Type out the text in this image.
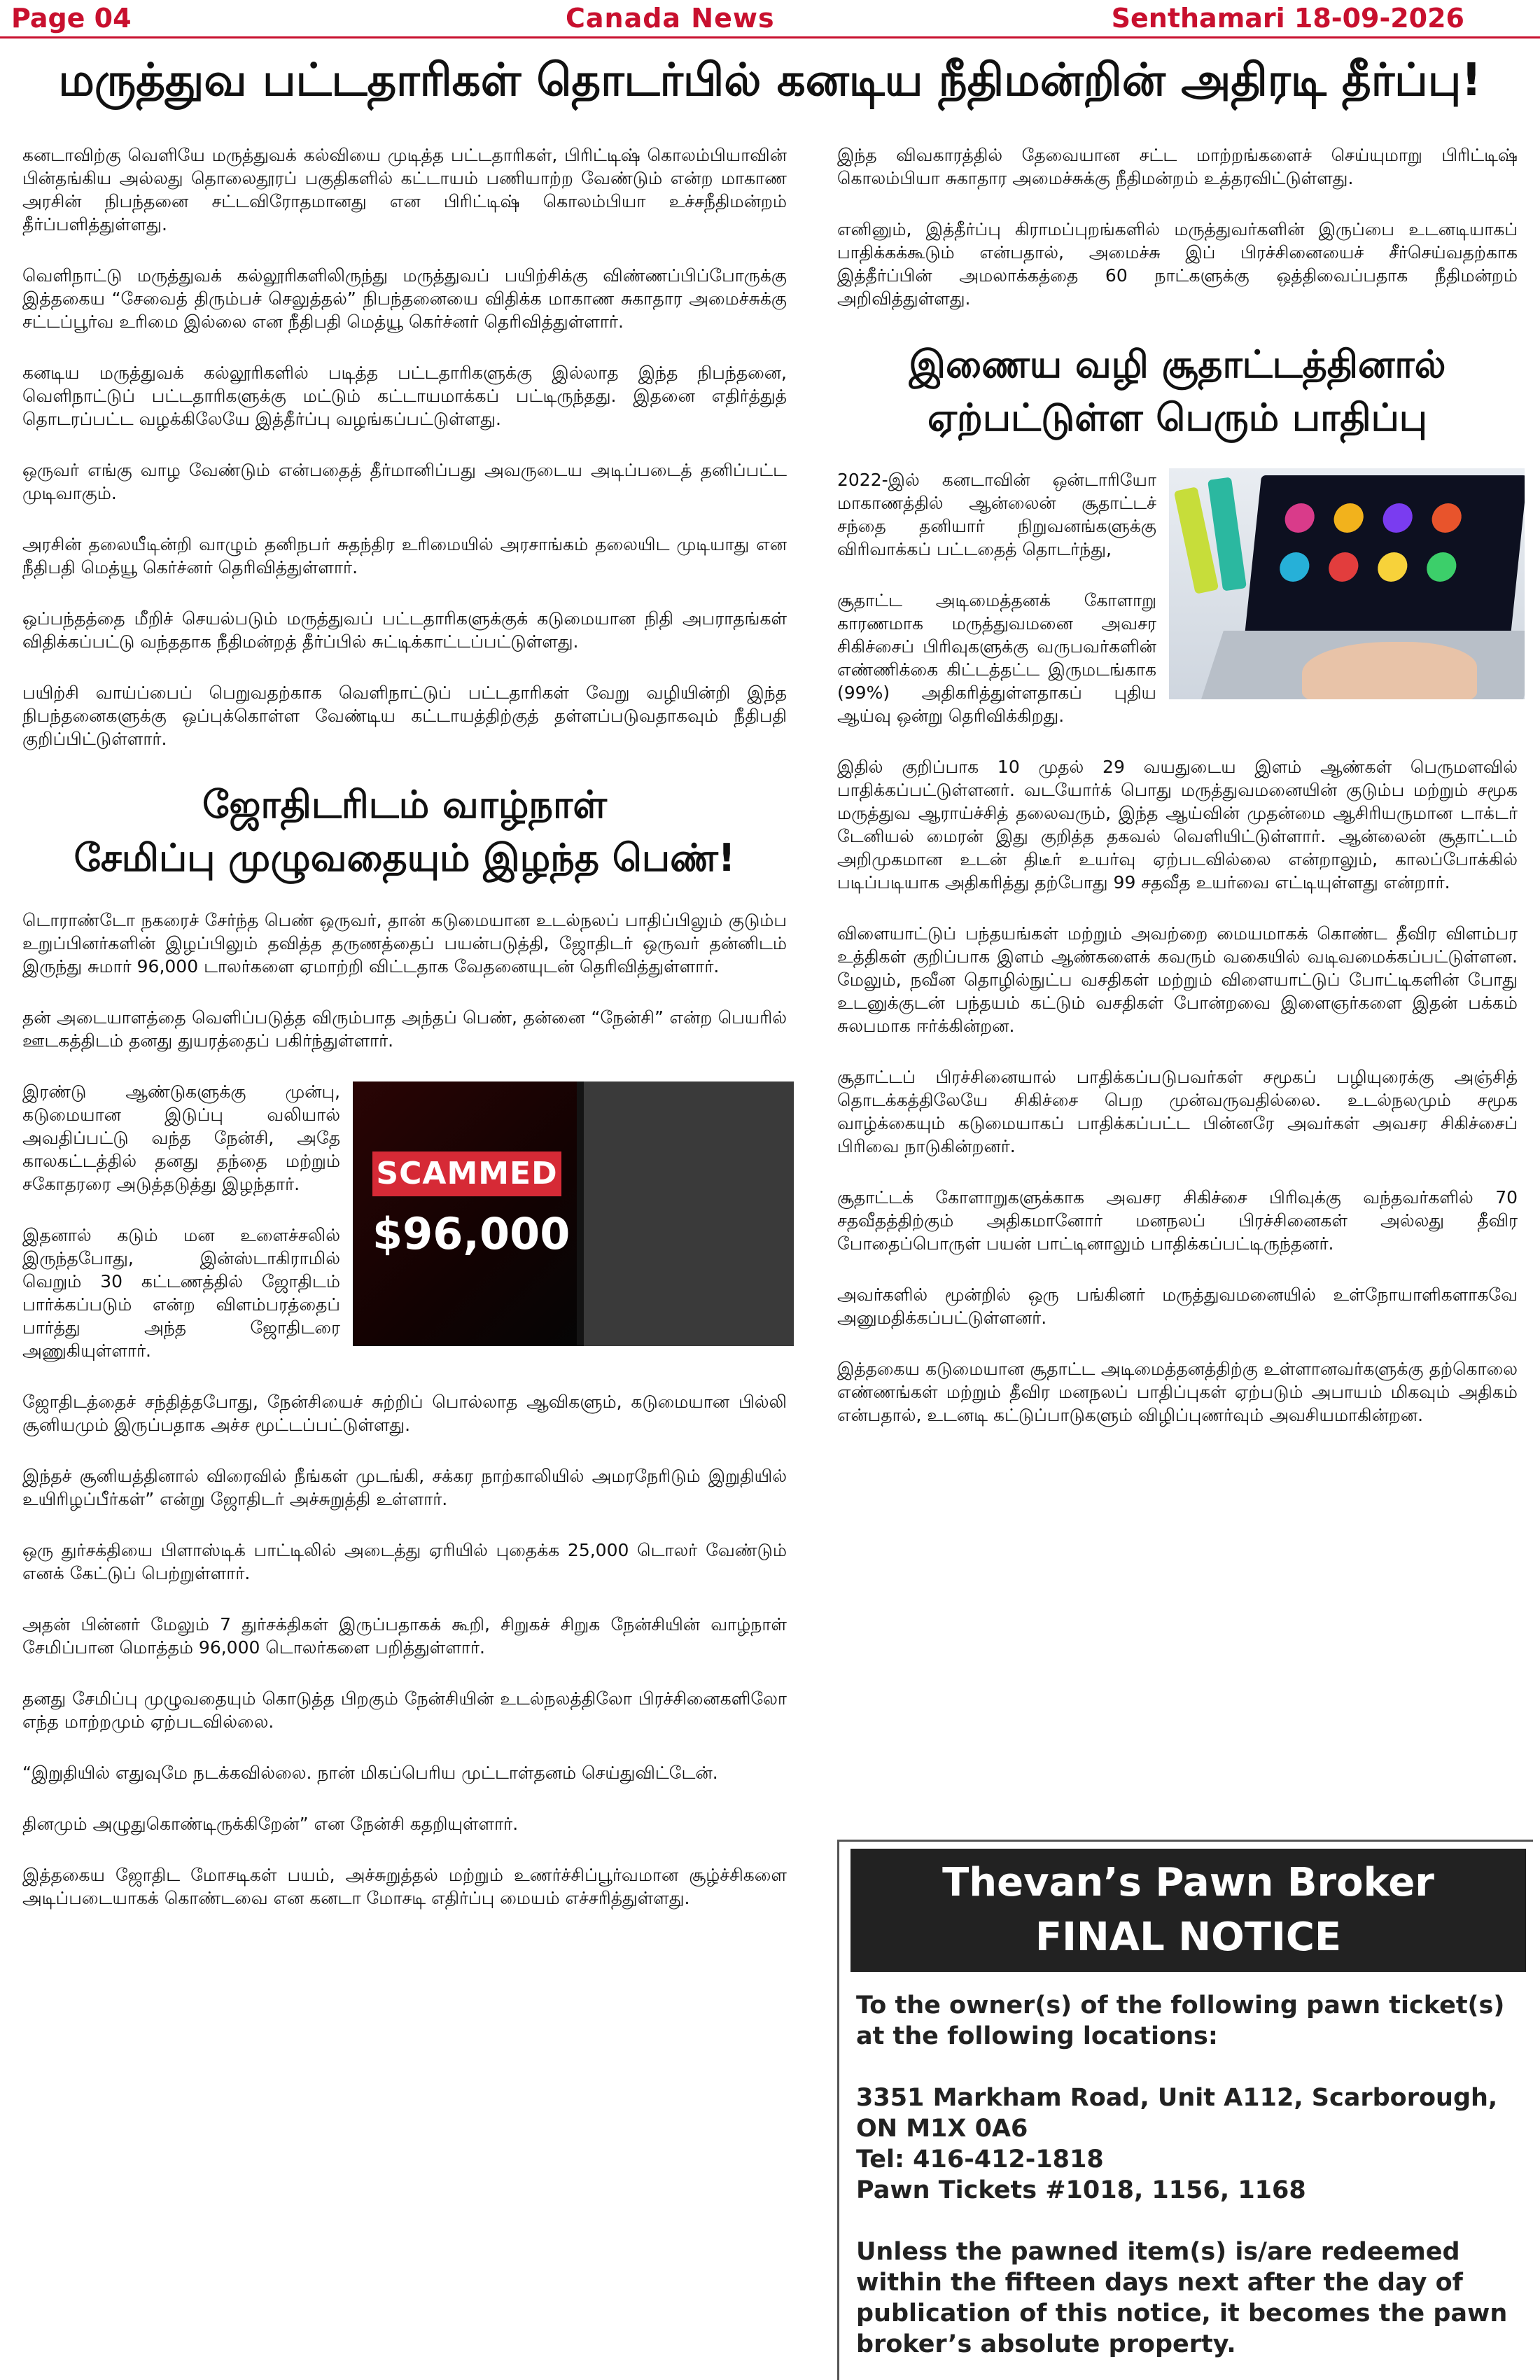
Page 04	Canada News	Senthamari 18-09-2026
மருத்துவ பட்டதாரிகள் தொடர்பில் கனடிய நீதிமன்றின் அதிரடி தீர்ப்பு!

கனடாவிற்கு வெளியே மருத்துவக் கல்வியை முடித்த பட்டதாரிகள், பிரிட்டிஷ் கொலம்பியாவின் பின்தங்கிய அல்லது தொலைதூரப் பகுதிகளில் கட்டாயம் பணியாற்ற வேண்டும் என்ற மாகாண அரசின் நிபந்தனை சட்டவிரோதமானது என பிரிட்டிஷ் கொலம்பியா உச்சநீதிமன்றம் தீர்ப்பளித்துள்ளது.

வெளிநாட்டு மருத்துவக் கல்லூரிகளிலிருந்து மருத்துவப் பயிற்சிக்கு விண்ணப்பிப்போருக்கு இத்தகைய “சேவைத் திரும்பச் செலுத்தல்” நிபந்தனையை விதிக்க மாகாண சுகாதார அமைச்சுக்கு சட்டப்பூர்வ உரிமை இல்லை என நீதிபதி மெத்யூ கெர்ச்னர் தெரிவித்துள்ளார்.

கனடிய மருத்துவக் கல்லூரிகளில் படித்த பட்டதாரிகளுக்கு இல்லாத இந்த நிபந்தனை, வெளிநாட்டுப் பட்டதாரிகளுக்கு மட்டும் கட்டாயமாக்கப் பட்டிருந்தது. இதனை எதிர்த்துத் தொடரப்பட்ட வழக்கிலேயே இத்தீர்ப்பு வழங்கப்பட்டுள்ளது.

ஒருவர் எங்கு வாழ வேண்டும் என்பதைத் தீர்மானிப்பது அவருடைய அடிப்படைத் தனிப்பட்ட முடிவாகும்.

அரசின் தலையீடின்றி வாழும் தனிநபர் சுதந்திர உரிமையில் அரசாங்கம் தலையிட முடியாது என நீதிபதி மெத்யூ கெர்ச்னர் தெரிவித்துள்ளார்.

ஒப்பந்தத்தை மீறிச் செயல்படும் மருத்துவப் பட்டதாரிகளுக்குக் கடுமையான நிதி அபராதங்கள் விதிக்கப்பட்டு வந்ததாக நீதிமன்றத் தீர்ப்பில் சுட்டிக்காட்டப்பட்டுள்ளது.

பயிற்சி வாய்ப்பைப் பெறுவதற்காக வெளிநாட்டுப் பட்டதாரிகள் வேறு வழியின்றி இந்த நிபந்தனைகளுக்கு ஒப்புக்கொள்ள வேண்டிய கட்டாயத்திற்குத் தள்ளப்படுவதாகவும் நீதிபதி குறிப்பிட்டுள்ளார்.

ஜோதிடரிடம் வாழ்நாள்
சேமிப்பு முழுவதையும் இழந்த பெண்!

டொராண்டோ நகரைச் சேர்ந்த பெண் ஒருவர், தான் கடுமையான உடல்நலப் பாதிப்பிலும் குடும்ப உறுப்பினர்களின் இழப்பிலும் தவித்த தருணத்தைப் பயன்படுத்தி, ஜோதிடர் ஒருவர் தன்னிடம் இருந்து சுமார் 96,000 டாலர்களை ஏமாற்றி விட்டதாக வேதனையுடன் தெரிவித்துள்ளார்.

தன் அடையாளத்தை வெளிப்படுத்த விரும்பாத அந்தப் பெண், தன்னை “நேன்சி” என்ற பெயரில் ஊடகத்திடம் தனது துயரத்தைப் பகிர்ந்துள்ளார்.

SCAMMED
$96,000

இரண்டு ஆண்டுகளுக்கு முன்பு, கடுமையான இடுப்பு வலியால் அவதிப்பட்டு வந்த நேன்சி, அதே காலகட்டத்தில் தனது தந்தை மற்றும் சகோதரரை அடுத்தடுத்து இழந்தார்.

இதனால் கடும் மன உளைச்சலில் இருந்தபோது, இன்ஸ்டாகிராமில் வெறும் 30 கட்டணத்தில் ஜோதிடம் பார்க்கப்படும் என்ற விளம்பரத்தைப் பார்த்து அந்த ஜோதிடரை அணுகியுள்ளார்.

ஜோதிடத்தைச் சந்தித்தபோது, நேன்சியைச் சுற்றிப் பொல்லாத ஆவிகளும், கடுமையான பில்லி சூனியமும் இருப்பதாக அச்ச மூட்டப்பட்டுள்ளது.

இந்தச் சூனியத்தினால் விரைவில் நீங்கள் முடங்கி, சக்கர நாற்காலியில் அமரநேரிடும் இறுதியில் உயிரிழப்பீர்கள்” என்று ஜோதிடர் அச்சுறுத்தி உள்ளார்.

ஒரு துர்சக்தியை பிளாஸ்டிக் பாட்டிலில் அடைத்து ஏரியில் புதைக்க 25,000 டொலர் வேண்டும் எனக் கேட்டுப் பெற்றுள்ளார்.

அதன் பின்னர் மேலும் 7 துர்சக்திகள் இருப்பதாகக் கூறி, சிறுகச் சிறுக நேன்சியின் வாழ்நாள் சேமிப்பான மொத்தம் 96,000 டொலர்களை பறித்துள்ளார்.

தனது சேமிப்பு முழுவதையும் கொடுத்த பிறகும் நேன்சியின் உடல்நலத்திலோ பிரச்சினைகளிலோ எந்த மாற்றமும் ஏற்படவில்லை.

“இறுதியில் எதுவுமே நடக்கவில்லை. நான் மிகப்பெரிய முட்டாள்தனம் செய்துவிட்டேன்.

தினமும் அழுதுகொண்டிருக்கிறேன்” என நேன்சி கதறியுள்ளார்.

இத்தகைய ஜோதிட மோசடிகள் பயம், அச்சுறுத்தல் மற்றும் உணர்ச்சிப்பூர்வமான சூழ்ச்சிகளை அடிப்படையாகக் கொண்டவை என கனடா மோசடி எதிர்ப்பு மையம் எச்சரித்துள்ளது.

இந்த விவகாரத்தில் தேவையான சட்ட மாற்றங்களைச் செய்யுமாறு பிரிட்டிஷ் கொலம்பியா சுகாதார அமைச்சுக்கு நீதிமன்றம் உத்தரவிட்டுள்ளது.

எனினும், இத்தீர்ப்பு கிராமப்புறங்களில் மருத்துவர்களின் இருப்பை உடனடியாகப் பாதிக்கக்கூடும் என்பதால், அமைச்சு இப் பிரச்சினையைச் சீர்செய்வதற்காக இத்தீர்ப்பின் அமலாக்கத்தை 60 நாட்களுக்கு ஒத்திவைப்பதாக நீதிமன்றம் அறிவித்துள்ளது.

இணைய வழி சூதாட்டத்தினால்
ஏற்பட்டுள்ள பெரும் பாதிப்பு

2022-இல் கனடாவின் ஒன்டாரியோ மாகாணத்தில் ஆன்லைன் சூதாட்டச் சந்தை தனியார் நிறுவனங்களுக்கு விரிவாக்கப் பட்டதைத் தொடர்ந்து,

சூதாட்ட அடிமைத்தனக் கோளாறு காரணமாக மருத்துவமனை அவசர சிகிச்சைப் பிரிவுகளுக்கு வருபவர்களின் எண்ணிக்கை கிட்டத்தட்ட இருமடங்காக (99%) அதிகரித்துள்ளதாகப் புதிய ஆய்வு ஒன்று தெரிவிக்கிறது.

இதில் குறிப்பாக 10 முதல் 29 வயதுடைய இளம் ஆண்கள் பெருமளவில் பாதிக்கப்பட்டுள்ளனர். வடயோர்க் பொது மருத்துவமனையின் குடும்ப மற்றும் சமூக மருத்துவ ஆராய்ச்சித் தலைவரும், இந்த ஆய்வின் முதன்மை ஆசிரியருமான டாக்டர் டேனியல் மைரன் இது குறித்த தகவல் வெளியிட்டுள்ளார். ஆன்லைன் சூதாட்டம் அறிமுகமான உடன் திடீர் உயர்வு ஏற்படவில்லை என்றாலும், காலப்போக்கில் படிப்படியாக அதிகரித்து தற்போது 99 சதவீத உயர்வை எட்டியுள்ளது என்றார்.

விளையாட்டுப் பந்தயங்கள் மற்றும் அவற்றை மையமாகக் கொண்ட தீவிர விளம்பர உத்திகள் குறிப்பாக இளம் ஆண்களைக் கவரும் வகையில் வடிவமைக்கப்பட்டுள்ளன. மேலும், நவீன தொழில்நுட்ப வசதிகள் மற்றும் விளையாட்டுப் போட்டிகளின் போது உடனுக்குடன் பந்தயம் கட்டும் வசதிகள் போன்றவை இளைஞர்களை இதன் பக்கம் சுலபமாக ஈர்க்கின்றன.

சூதாட்டப் பிரச்சினையால் பாதிக்கப்படுபவர்கள் சமூகப் பழியுரைக்கு அஞ்சித் தொடக்கத்திலேயே சிகிச்சை பெற முன்வருவதில்லை. உடல்நலமும் சமூக வாழ்க்கையும் கடுமையாகப் பாதிக்கப்பட்ட பின்னரே அவர்கள் அவசர சிகிச்சைப் பிரிவை நாடுகின்றனர்.

சூதாட்டக் கோளாறுகளுக்காக அவசர சிகிச்சை பிரிவுக்கு வந்தவர்களில் 70 சதவீதத்திற்கும் அதிகமானோர் மனநலப் பிரச்சினைகள் அல்லது தீவிர போதைப்பொருள் பயன் பாட்டினாலும் பாதிக்கப்பட்டிருந்தனர்.

அவர்களில் மூன்றில் ஒரு பங்கினர் மருத்துவமனையில் உள்நோயாளிகளாகவே அனுமதிக்கப்பட்டுள்ளனர்.

இத்தகைய கடுமையான சூதாட்ட அடிமைத்தனத்திற்கு உள்ளானவர்களுக்கு தற்கொலை எண்ணங்கள் மற்றும் தீவிர மனநலப் பாதிப்புகள் ஏற்படும் அபாயம் மிகவும் அதிகம் என்பதால், உடனடி கட்டுப்பாடுகளும் விழிப்புணர்வும் அவசியமாகின்றன.

Thevan’s Pawn Broker
FINAL NOTICE
To the owner(s) of the following pawn ticket(s) at the following locations:
3351 Markham Road, Unit A112, Scarborough, ON M1X 0A6
Tel: 416-412-1818
Pawn Tickets #1018, 1156, 1168
Unless the pawned item(s) is/are redeemed within the fifteen days next after the day of publication of this notice, it becomes the pawn broker’s absolute property.
